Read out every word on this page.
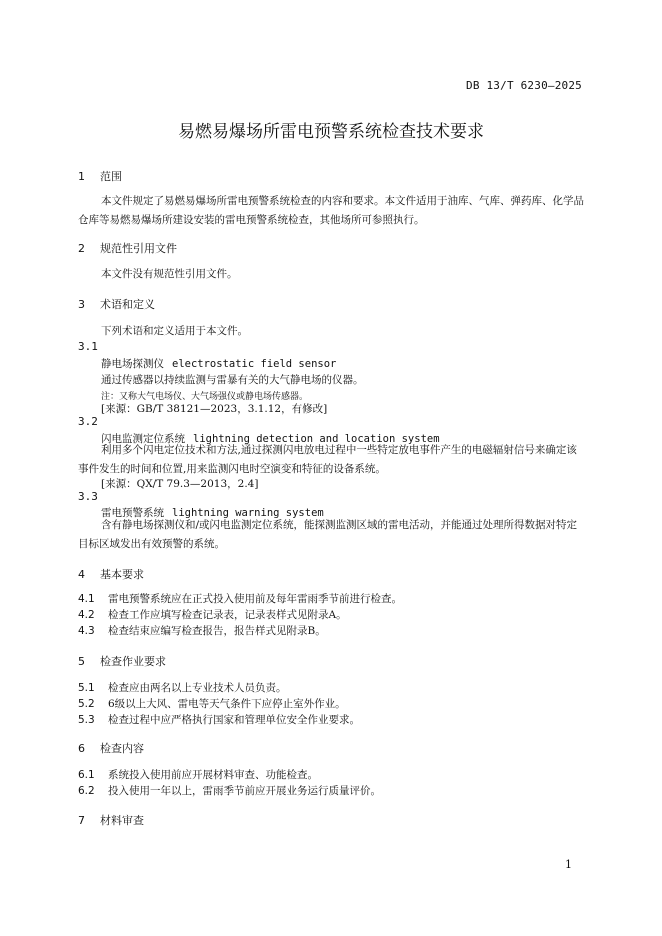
DB 13/T 6230—2025
易燃易爆场所雷电预警系统检查技术要求
1 范围
本文件规定了易燃易爆场所雷电预警系统检查的内容和要求。本文件适用于油库、气库、弹药库、化学品仓库等易燃易爆场所建设安装的雷电预警系统检查，其他场所可参照执行。
2 规范性引用文件
本文件没有规范性引用文件。
3 术语和定义
下列术语和定义适用于本文件。
3.1
静电场探测仪 electrostatic field sensor
通过传感器以持续监测与雷暴有关的大气静电场的仪器。
注：又称大气电场仪、大气场强仪或静电场传感器。
[来源：GB/T 38121—2023，3.1.12，有修改]
3.2
闪电监测定位系统 lightning detection and location system
利用多个闪电定位技术和方法,通过探测闪电放电过程中一些特定放电事件产生的电磁辐射信号来确定该事件发生的时间和位置,用来监测闪电时空演变和特征的设备系统。
[来源：QX/T 79.3—2013，2.4]
3.3
雷电预警系统 lightning warning system
含有静电场探测仪和/或闪电监测定位系统，能探测监测区域的雷电活动，并能通过处理所得数据对特定目标区域发出有效预警的系统。
4 基本要求
4.1 雷电预警系统应在正式投入使用前及每年雷雨季节前进行检查。
4.2 检查工作应填写检查记录表，记录表样式见附录A。
4.3 检查结束应编写检查报告，报告样式见附录B。
5 检查作业要求
5.1 检查应由两名以上专业技术人员负责。
5.2 6级以上大风、雷电等天气条件下应停止室外作业。
5.3 检查过程中应严格执行国家和管理单位安全作业要求。
6 检查内容
6.1 系统投入使用前应开展材料审查、功能检查。
6.2 投入使用一年以上，雷雨季节前应开展业务运行质量评价。
7 材料审查
1
